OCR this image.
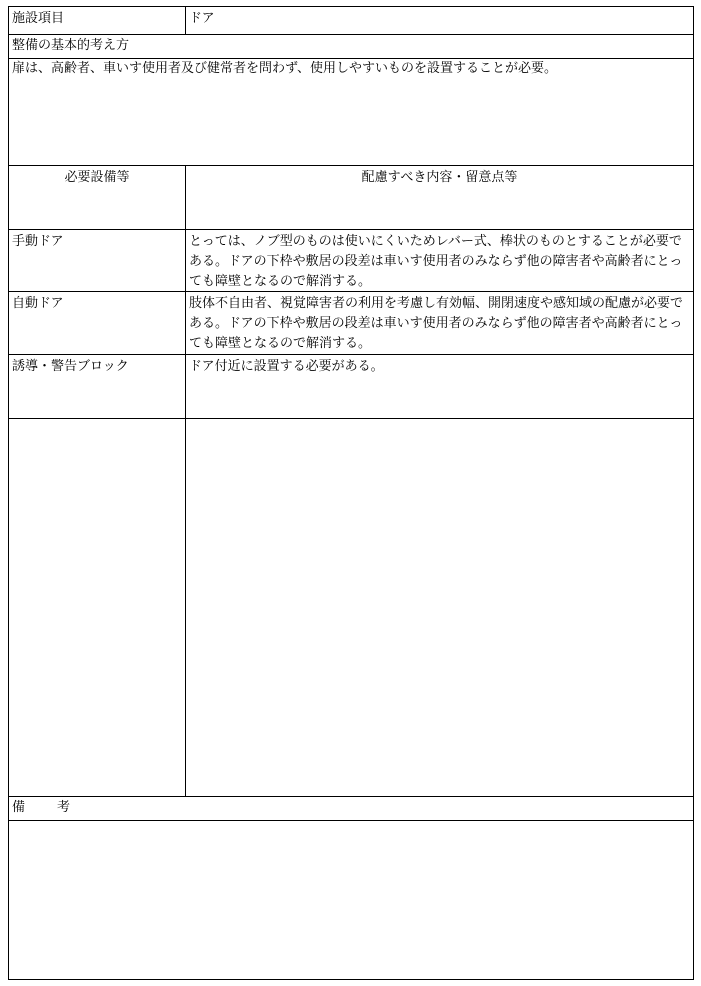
施設項目	ドア
整備の基本的考え方
扉は、高齢者、車いす使用者及び健常者を問わず、使用しやすいものを設置することが必要。
必要設備等	配慮すべき内容・留意点等
手動ドア	とっては、ノブ型のものは使いにくいためレバー式、棒状のものとすることが必要である。ドアの下枠や敷居の段差は車いす使用者のみならず他の障害者や高齢者にとっても障壁となるので解消する。
自動ドア	肢体不自由者、視覚障害者の利用を考慮し有効幅、開閉速度や感知域の配慮が必要である。ドアの下枠や敷居の段差は車いす使用者のみならず他の障害者や高齢者にとっても障壁となるので解消する。
誘導・警告ブロック	ドア付近に設置する必要がある。
備 考
